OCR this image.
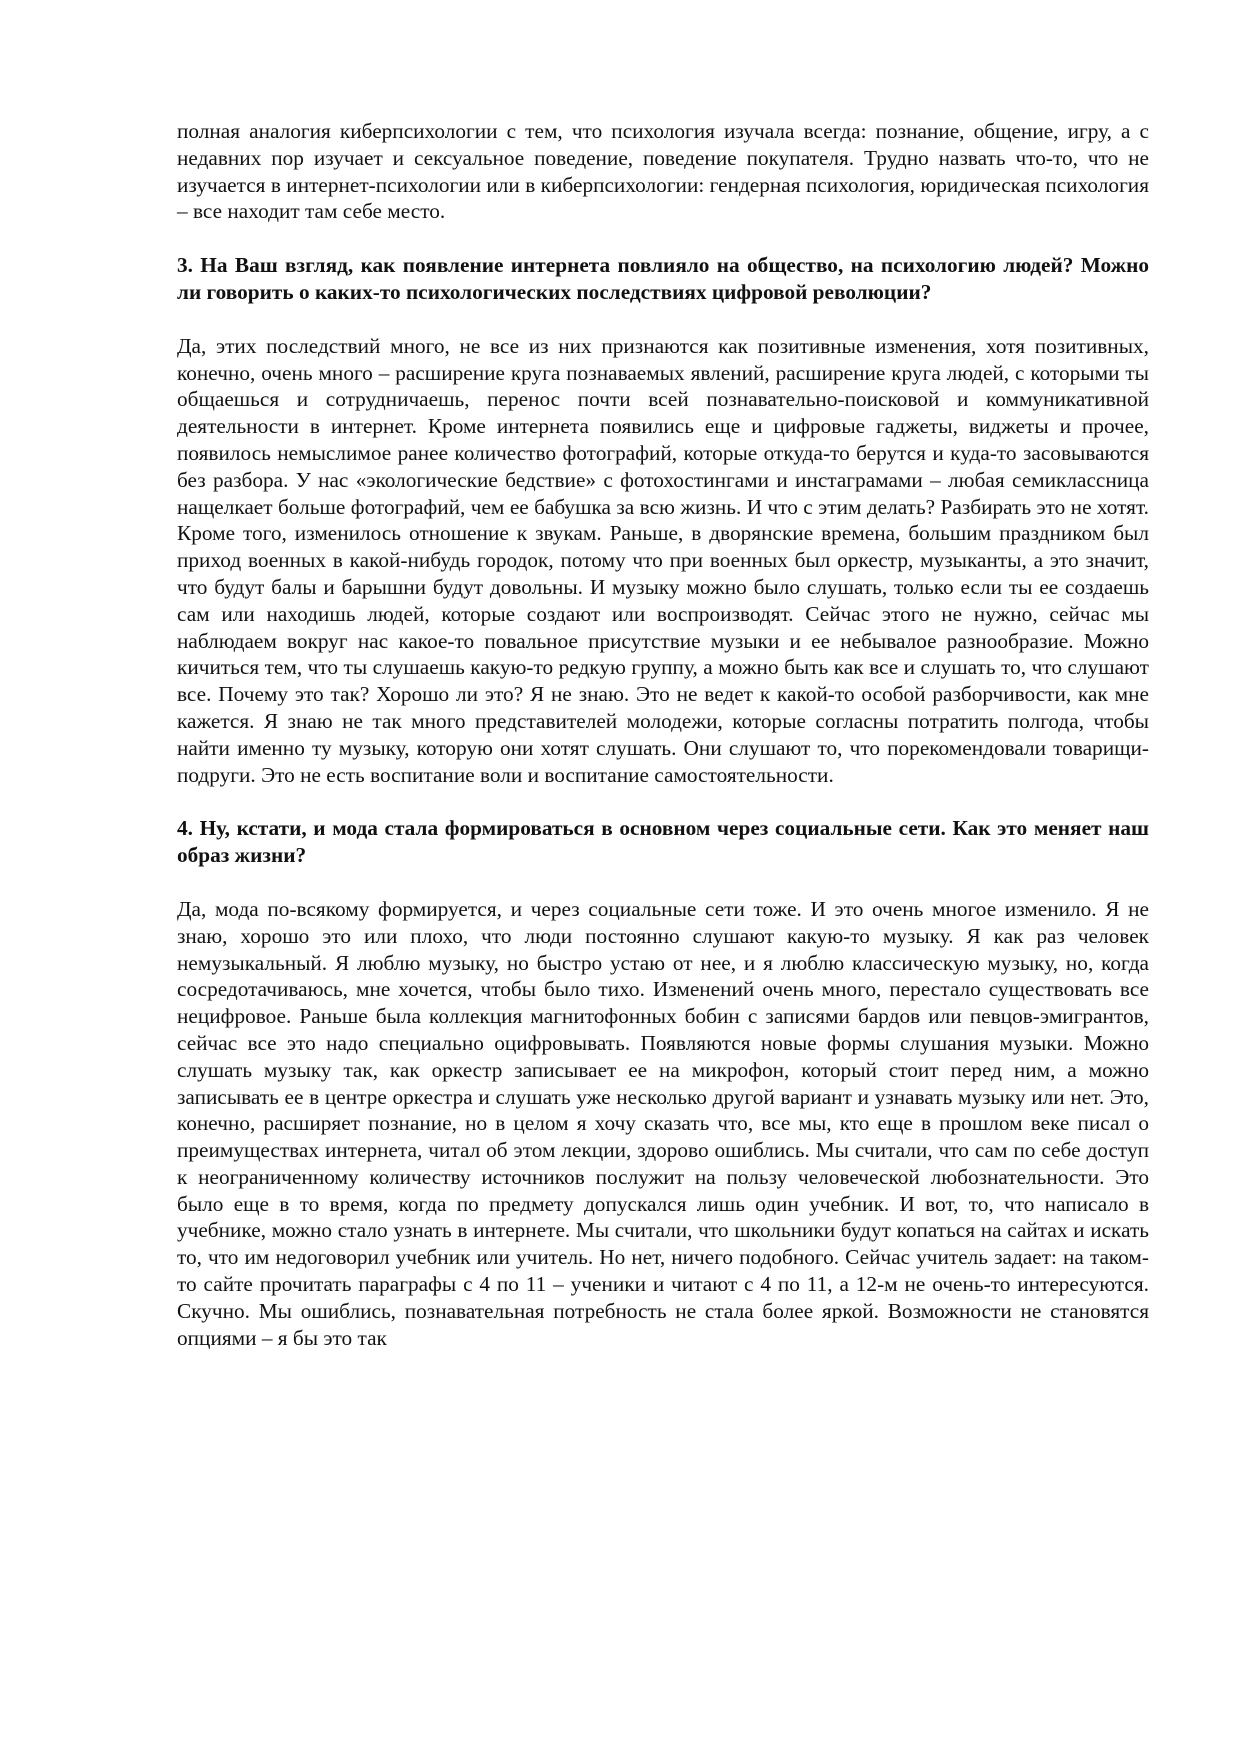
полная аналогия киберпсихологии с тем, что психология изучала всегда: познание, общение, игру, а с недавних пор изучает и сексуальное поведение, поведение покупателя. Трудно назвать что-то, что не изучается в интернет-психологии или в киберпсихологии: гендерная психология, юридическая психология – все находит там себе место.

3. На Ваш взгляд, как появление интернета повлияло на общество, на психологию людей? Можно ли говорить о каких-то психологических последствиях цифровой революции?

Да, этих последствий много, не все из них признаются как позитивные изменения, хотя позитивных, конечно, очень много – расширение круга познаваемых явлений, расширение круга людей, с которыми ты общаешься и сотрудничаешь, перенос почти всей познавательно-поисковой и коммуникативной деятельности в интернет. Кроме интернета появились еще и цифровые гаджеты, виджеты и прочее, появилось немыслимое ранее количество фотографий, которые откуда-то берутся и куда-то засовываются без разбора. У нас «экологические бедствие» с фотохостингами и инстаграмами – любая семиклассница нащелкает больше фотографий, чем ее бабушка за всю жизнь. И что с этим делать? Разбирать это не хотят. Кроме того, изменилось отношение к звукам. Раньше, в дворянские времена, большим праздником был приход военных в какой-нибудь городок, потому что при военных был оркестр, музыканты, а это значит, что будут балы и барышни будут довольны. И музыку можно было слушать, только если ты ее создаешь сам или находишь людей, которые создают или воспроизводят. Сейчас этого не нужно, сейчас мы наблюдаем вокруг нас какое-то повальное присутствие музыки и ее небывалое разнообразие. Можно кичиться тем, что ты слушаешь какую-то редкую группу, а можно быть как все и слушать то, что слушают все. Почему это так? Хорошо ли это? Я не знаю. Это не ведет к какой-то особой разборчивости, как мне кажется. Я знаю не так много представителей молодежи, которые согласны потратить полгода, чтобы найти именно ту музыку, которую они хотят слушать. Они слушают то, что порекомендовали товарищи-подруги. Это не есть воспитание воли и воспитание самостоятельности.

4. Ну, кстати, и мода стала формироваться в основном через социальные сети. Как это меняет наш образ жизни?

Да, мода по-всякому формируется, и через социальные сети тоже. И это очень многое изменило. Я не знаю, хорошо это или плохо, что люди постоянно слушают какую-то музыку. Я как раз человек немузыкальный. Я люблю музыку, но быстро устаю от нее, и я люблю классическую музыку, но, когда сосредотачиваюсь, мне хочется, чтобы было тихо. Изменений очень много, перестало существовать все нецифровое. Раньше была коллекция магнитофонных бобин с записями бардов или певцов-эмигрантов, сейчас все это надо специально оцифровывать. Появляются новые формы слушания музыки. Можно слушать музыку так, как оркестр записывает ее на микрофон, который стоит перед ним, а можно записывать ее в центре оркестра и слушать уже несколько другой вариант и узнавать музыку или нет. Это, конечно, расширяет познание, но в целом я хочу сказать что, все мы, кто еще в прошлом веке писал о преимуществах интернета, читал об этом лекции, здорово ошиблись. Мы считали, что сам по себе доступ к неограниченному количеству источников послужит на пользу человеческой любознательности. Это было еще в то время, когда по предмету допускался лишь один учебник. И вот, то, что написало в учебнике, можно стало узнать в интернете. Мы считали, что школьники будут копаться на сайтах и искать то, что им недоговорил учебник или учитель. Но нет, ничего подобного. Сейчас учитель задает: на таком-то сайте прочитать параграфы с 4 по 11 – ученики и читают с 4 по 11, а 12-м не очень-то интересуются. Скучно. Мы ошиблись, познавательная потребность не стала более яркой. Возможности не становятся опциями – я бы это так
